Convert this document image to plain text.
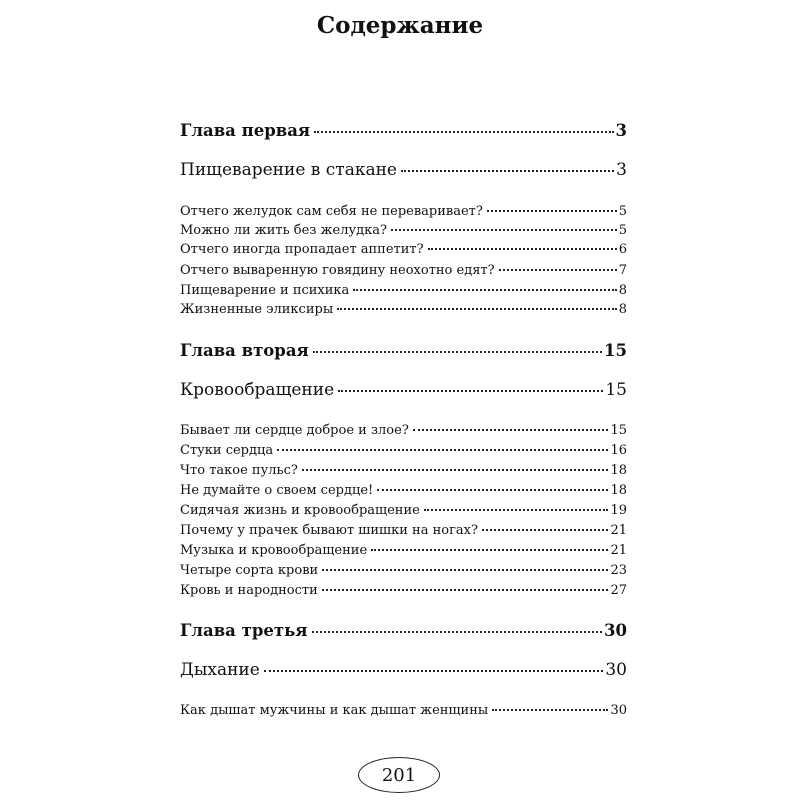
Содержание
Глава первая	3
Пищеварение в стакане	3
Отчего желудок сам себя не переваривает?	5
Можно ли жить без желудка?	5
Отчего иногда пропадает аппетит?	6
Отчего вываренную говядину неохотно едят?	7
Пищеварение и психика	8
Жизненные эликсиры	8
Глава вторая	15
Кровообращение	15
Бывает ли сердце доброе и злое?	15
Стуки сердца	16
Что такое пульс?	18
Не думайте о своем сердце!	18
Сидячая жизнь и кровообращение	19
Почему у прачек бывают шишки на ногах?	21
Музыка и кровообращение	21
Четыре сорта крови	23
Кровь и народности	27
Глава третья	30
Дыхание	30
Как дышат мужчины и как дышат женщины	30
201
